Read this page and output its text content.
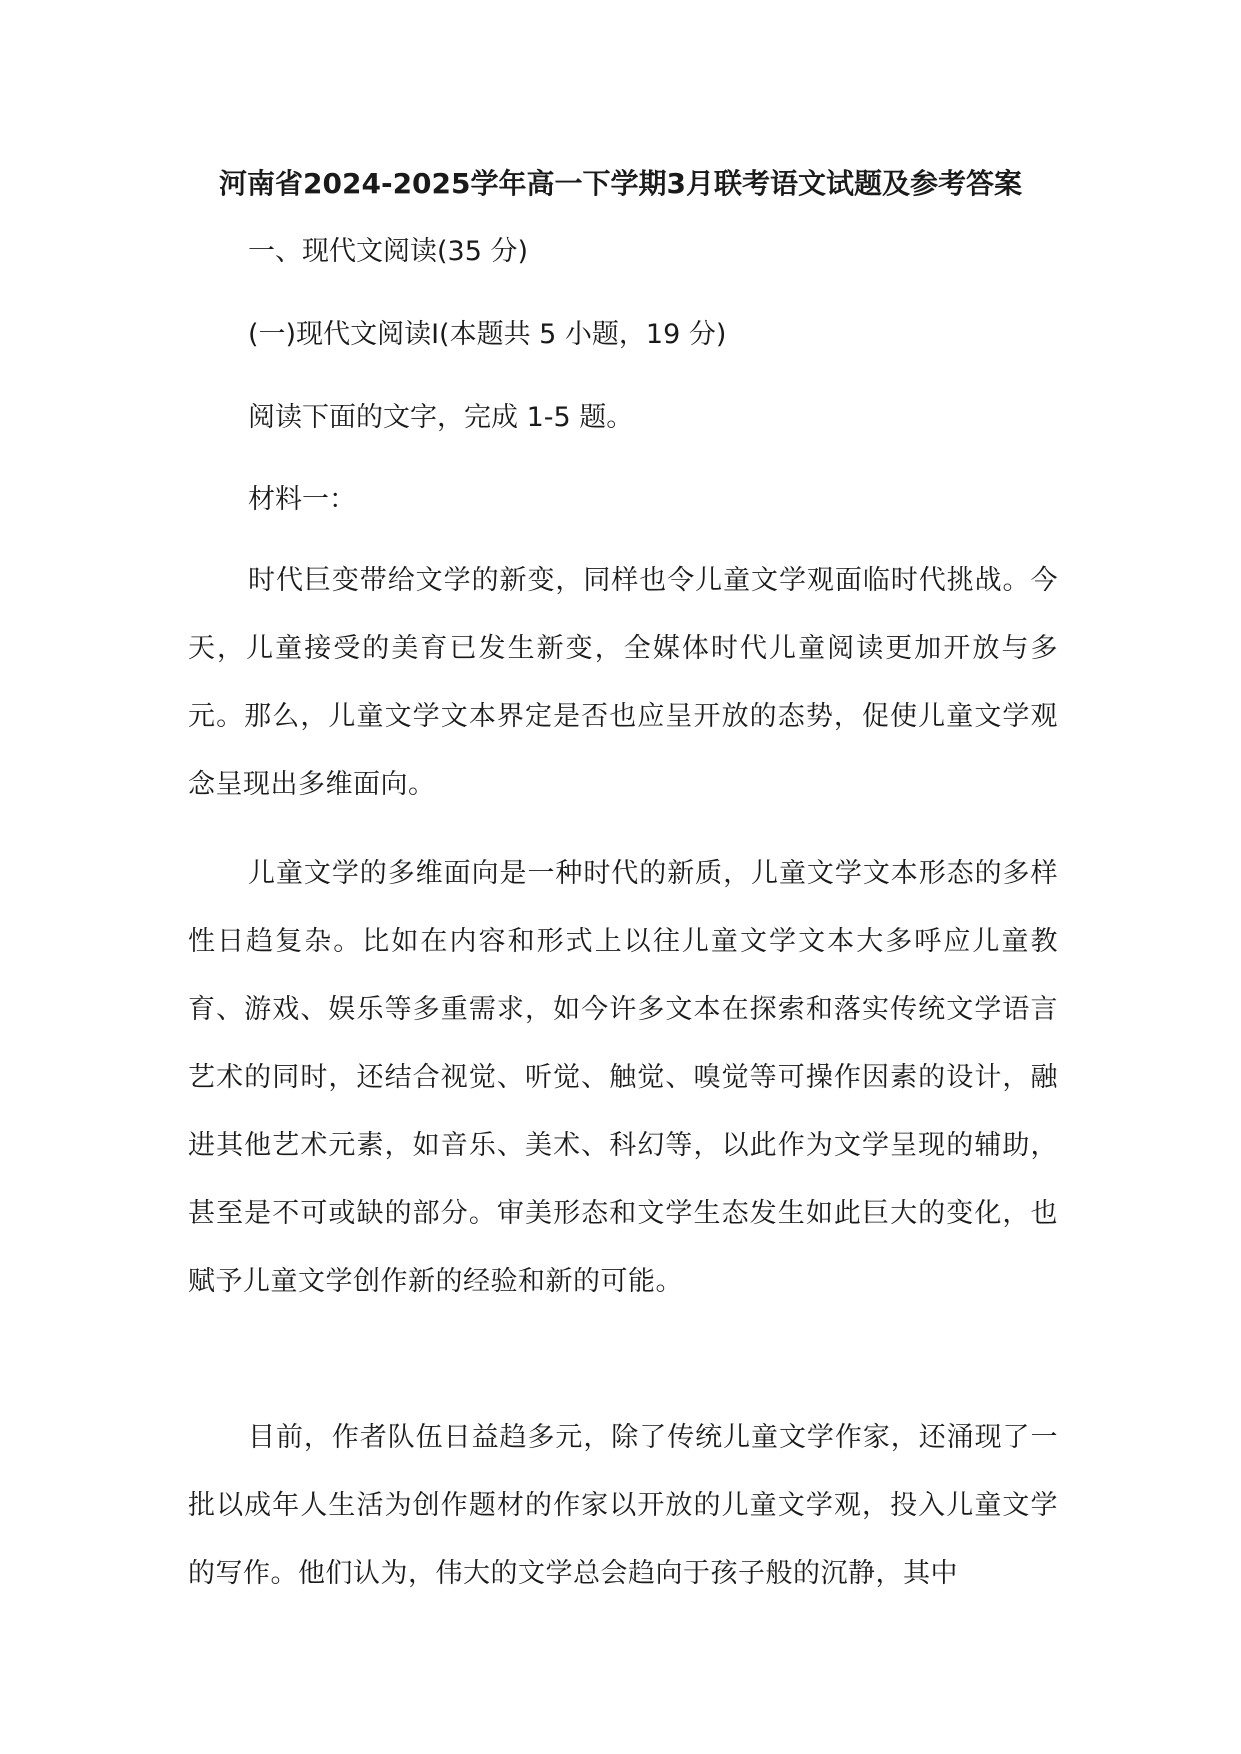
河南省2024-2025学年高一下学期3月联考语文试题及参考答案
一、现代文阅读(35 分)
(一)现代文阅读Ⅰ(本题共 5 小题，19 分)
阅读下面的文字，完成 1-5 题。
材料一：

时代巨变带给文学的新变，同样也令儿童文学观面临时代挑战。今天，儿童接受的美育已发生新变，全媒体时代儿童阅读更加开放与多元。那么，儿童文学文本界定是否也应呈开放的态势，促使儿童文学观念呈现出多维面向。

儿童文学的多维面向是一种时代的新质，儿童文学文本形态的多样性日趋复杂。比如在内容和形式上以往儿童文学文本大多呼应儿童教育、游戏、娱乐等多重需求，如今许多文本在探索和落实传统文学语言艺术的同时，还结合视觉、听觉、触觉、嗅觉等可操作因素的设计，融进其他艺术元素，如音乐、美术、科幻等，以此作为文学呈现的辅助，甚至是不可或缺的部分。审美形态和文学生态发生如此巨大的变化，也赋予儿童文学创作新的经验和新的可能。

目前，作者队伍日益趋多元，除了传统儿童文学作家，还涌现了一批以成年人生活为创作题材的作家以开放的儿童文学观，投入儿童文学的写作。他们认为，伟大的文学总会趋向于孩子般的沉静，其中
